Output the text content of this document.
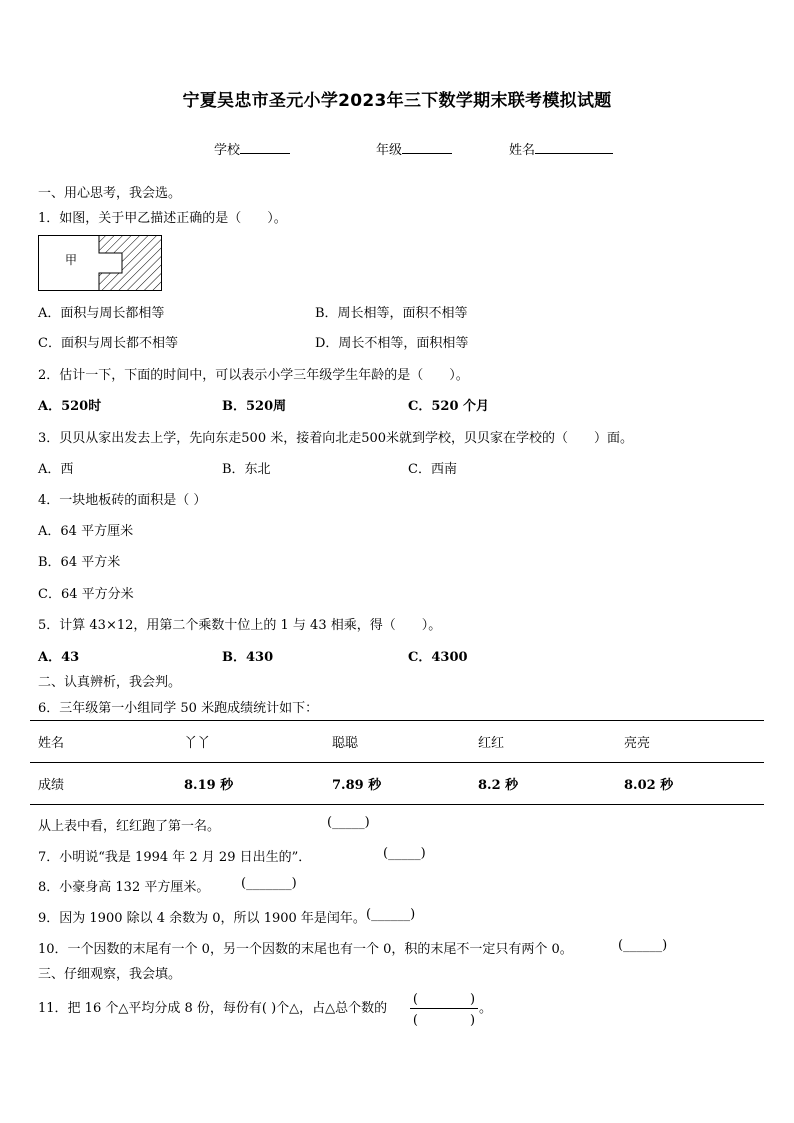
宁夏吴忠市圣元小学2023年三下数学期末联考模拟试题
学校	年级	姓名
一、用心思考，我会选。
1．如图，关于甲乙描述正确的是（　　）。
甲
A．面积与周长都相等	B．周长相等，面积不相等
C．面积与周长都不相等	D．周长不相等，面积相等
2．估计一下，下面的时间中，可以表示小学三年级学生年龄的是（　　）。
A．520时	B．520周	C．520 个月
3．贝贝从家出发去上学，先向东走500 米，接着向北走500米就到学校，贝贝家在学校的（　　）面。
A．西	B．东北	C．西南
4．一块地板砖的面积是（ ）
A．64 平方厘米
B．64 平方米
C．64 平方分米
5．计算 43×12，用第二个乘数十位上的 1 与 43 相乘，得（　　）。
A．43	B．430	C．4300
二、认真辨析，我会判。
6．三年级第一小组同学 50 米跑成绩统计如下：
姓名	丫丫	聪聪	红红	亮亮
成绩	8.19 秒	7.89 秒	8.2 秒	8.02 秒
从上表中看，红红跑了第一名。	(_____)
7．小明说“我是 1994 年 2 月 29 日出生的”．	(_____)
8．小豪身高 132 平方厘米。 (_______)
9．因为 1900 除以 4 余数为 0，所以 1900 年是闰年。 (______)
10．一个因数的末尾有一个 0，另一个因数的末尾也有一个 0，积的末尾不一定只有两个 0。	(______)
三、仔细观察，我会填。
11．把 16 个△平均分成 8 份，每份有( )个△，占△总个数的
(　　　　)
(　　　　)
。
